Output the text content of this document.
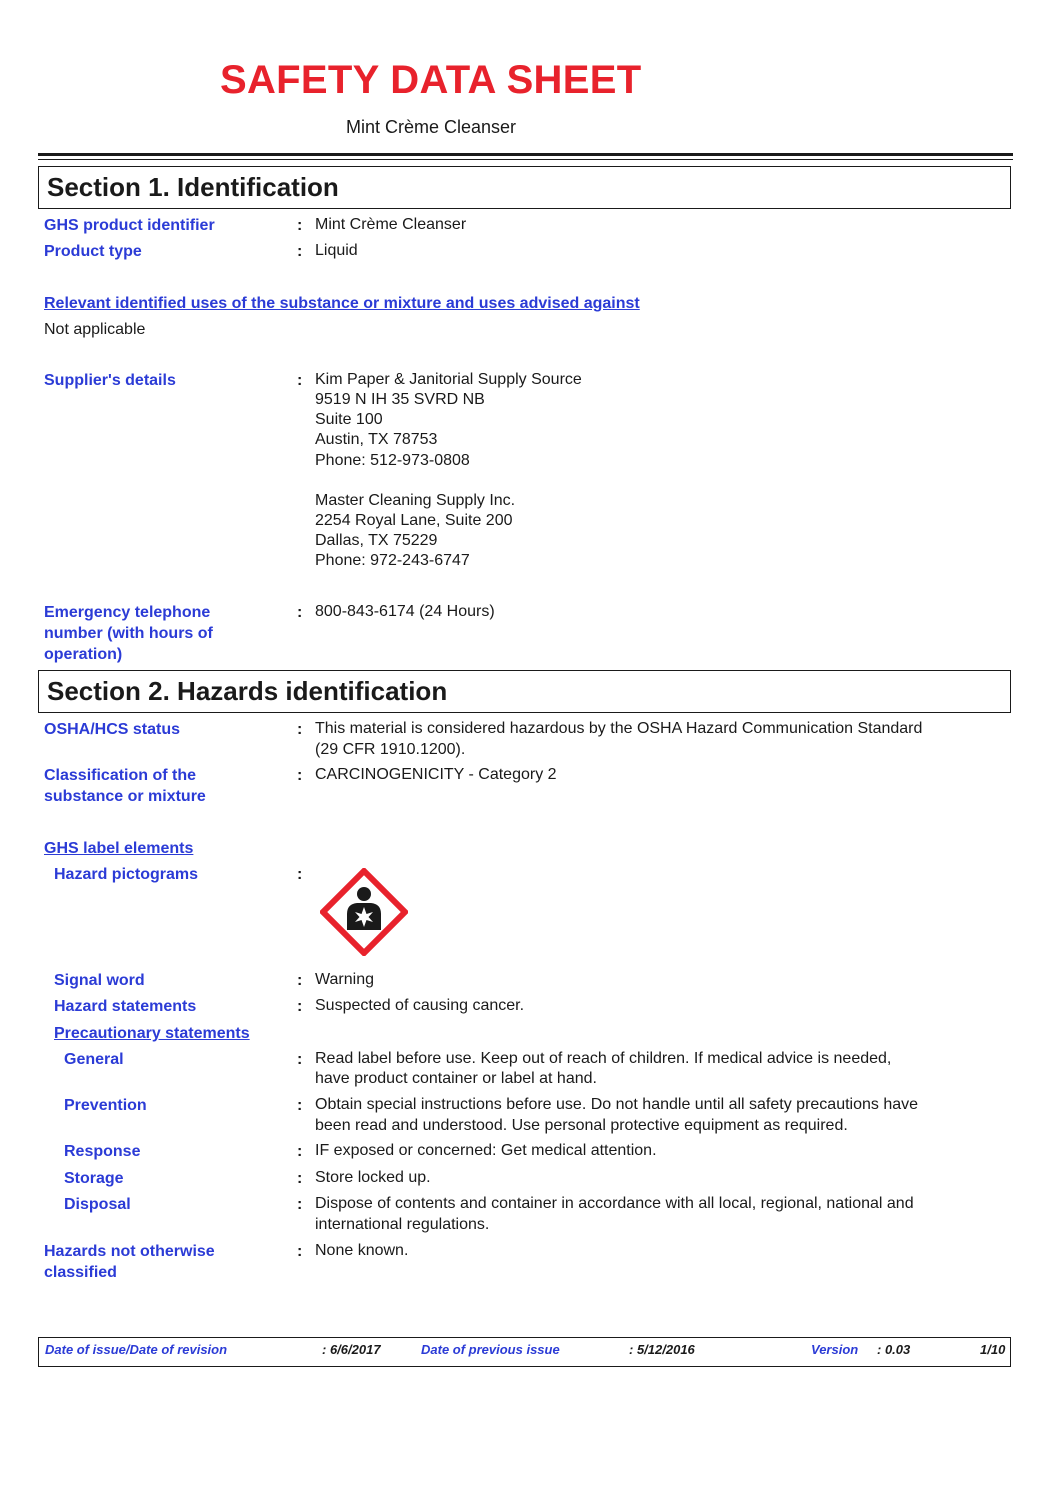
SAFETY DATA SHEET
Mint Crème Cleanser
Section 1. Identification
GHS product identifier	: Mint Crème Cleanser
Product type	: Liquid
Relevant identified uses of the substance or mixture and uses advised against
Not applicable
Supplier's details	: Kim Paper & Janitorial Supply Source
9519 N IH 35 SVRD NB
Suite 100
Austin, TX 78753
Phone: 512-973-0808
Master Cleaning Supply Inc.
2254 Royal Lane, Suite 200
Dallas, TX 75229
Phone: 972-243-6747
Emergency telephone
number (with hours of
operation)
: 800-843-6174 (24 Hours)
Section 2. Hazards identification
OSHA/HCS status	: This material is considered hazardous by the OSHA Hazard Communication Standard
(29 CFR 1910.1200).
Classification of the
substance or mixture
: CARCINOGENICITY - Category 2
GHS label elements
Hazard pictograms	:
Signal word	: Warning
Hazard statements	: Suspected of causing cancer.
Precautionary statements
General	: Read label before use. Keep out of reach of children. If medical advice is needed,
have product container or label at hand.
Prevention	: Obtain special instructions before use. Do not handle until all safety precautions have
been read and understood. Use personal protective equipment as required.
Response	: IF exposed or concerned: Get medical attention.
Storage	: Store locked up.
Disposal	: Dispose of contents and container in accordance with all local, regional, national and
international regulations.
Hazards not otherwise
classified
: None known.
Date of issue/Date of revision	: 6/6/2017	Date of previous issue	: 5/12/2016	Version : 0.03	1/10
